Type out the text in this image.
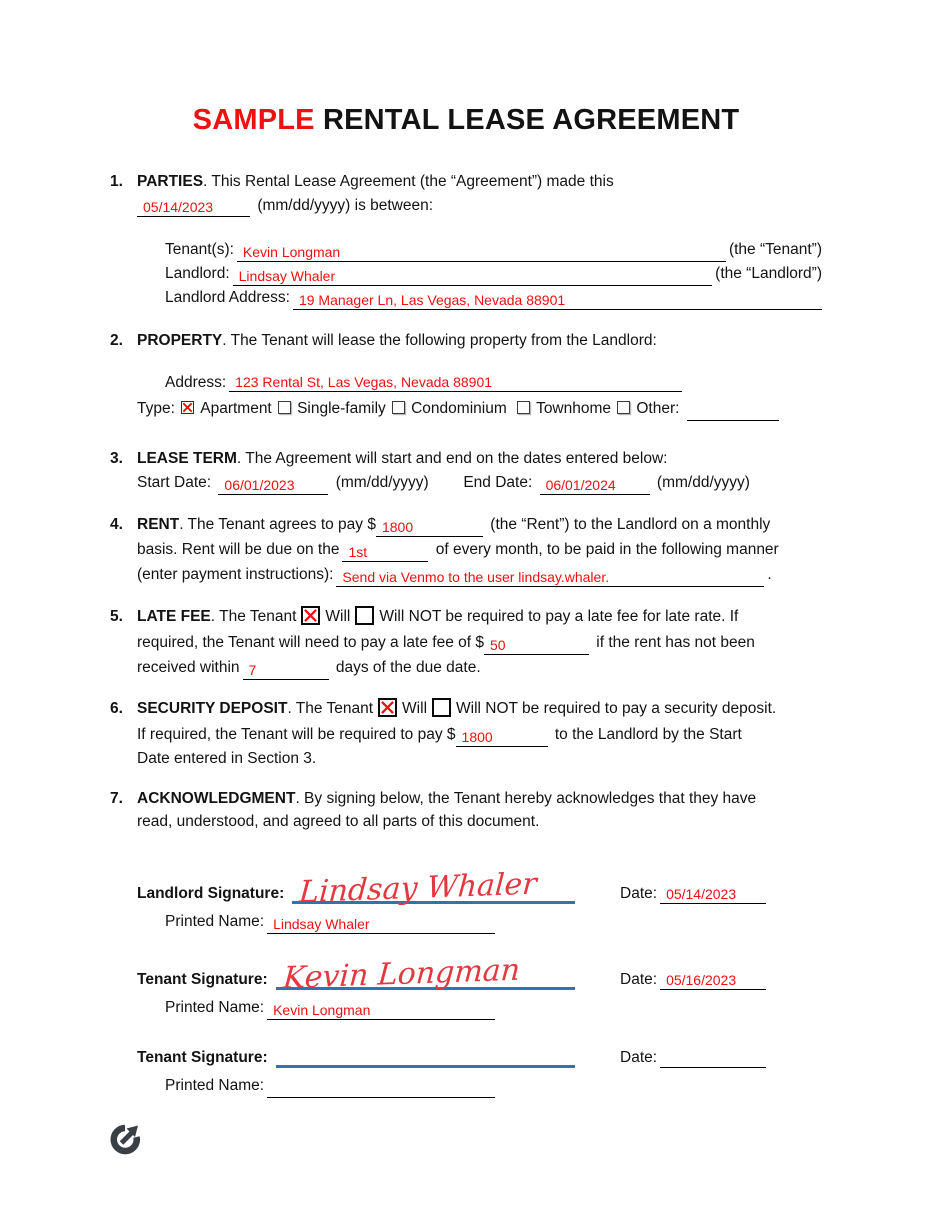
SAMPLE RENTAL LEASE AGREEMENT
1. PARTIES. This Rental Lease Agreement (the “Agreement”) made this
05/14/2023	(mm/dd/yyyy) is between:
Tenant(s): Kevin Longman	(the “Tenant”)
Landlord: Lindsay Whaler	(the “Landlord”)
Landlord Address: 19 Manager Ln, Las Vegas, Nevada 88901
2. PROPERTY. The Tenant will lease the following property from the Landlord:
Address: 123 Rental St, Las Vegas, Nevada 88901
Type: Apartment Single-family Condominium Townhome Other:
3. LEASE TERM. The Agreement will start and end on the dates entered below:
Start Date: 06/01/2023	(mm/dd/yyyy) End Date: 06/01/2024	(mm/dd/yyyy)
4. RENT. The Tenant agrees to pay $ 1800	(the “Rent”) to the Landlord on a monthly
basis. Rent will be due on the 1st	of every month, to be paid in the following manner
(enter payment instructions): Send via Venmo to the user lindsay.whaler.	.
5. LATE FEE. The Tenant Will Will NOT be required to pay a late fee for late rate. If
required, the Tenant will need to pay a late fee of $ 50	if the rent has not been
received within 7	days of the due date.
6. SECURITY DEPOSIT. The Tenant Will Will NOT be required to pay a security deposit.
If required, the Tenant will be required to pay $ 1800	to the Landlord by the Start
Date entered in Section 3.
7. ACKNOWLEDGMENT. By signing below, the Tenant hereby acknowledges that they have
read, understood, and agreed to all parts of this document.
Landlord Signature: Lindsay Whaler	Date: 05/14/2023
Printed Name: Lindsay Whaler
Tenant Signature: Kevin Longman	Date: 05/16/2023
Printed Name: Kevin Longman
Tenant Signature:	Date:
Printed Name:
